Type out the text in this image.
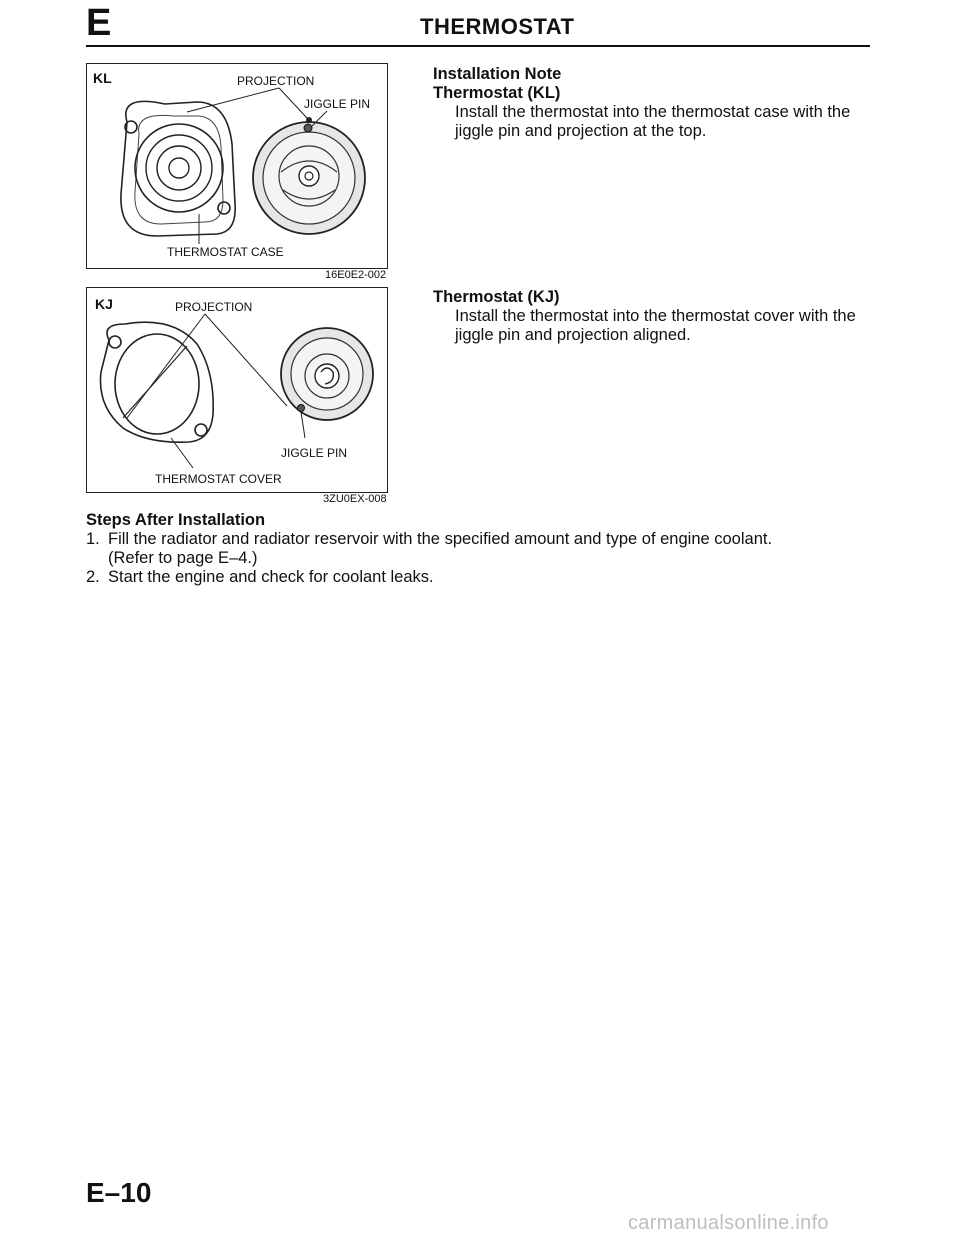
E	THERMOSTAT
KL	PROJECTION
JIGGLE PIN
THERMOSTAT CASE
16E0E2-002
KJ	PROJECTION
JIGGLE PIN
THERMOSTAT COVER
3ZU0EX-008
Installation Note
Thermostat (KL)
Install the thermostat into the thermostat case with the
jiggle pin and projection at the top.
Thermostat (KJ)
Install the thermostat into the thermostat cover with the
jiggle pin and projection aligned.
Steps After Installation
1. Fill the radiator and radiator reservoir with the specified amount and type of engine coolant.
(Refer to page E–4.)
2. Start the engine and check for coolant leaks.
E–10
carmanualsonline.info
